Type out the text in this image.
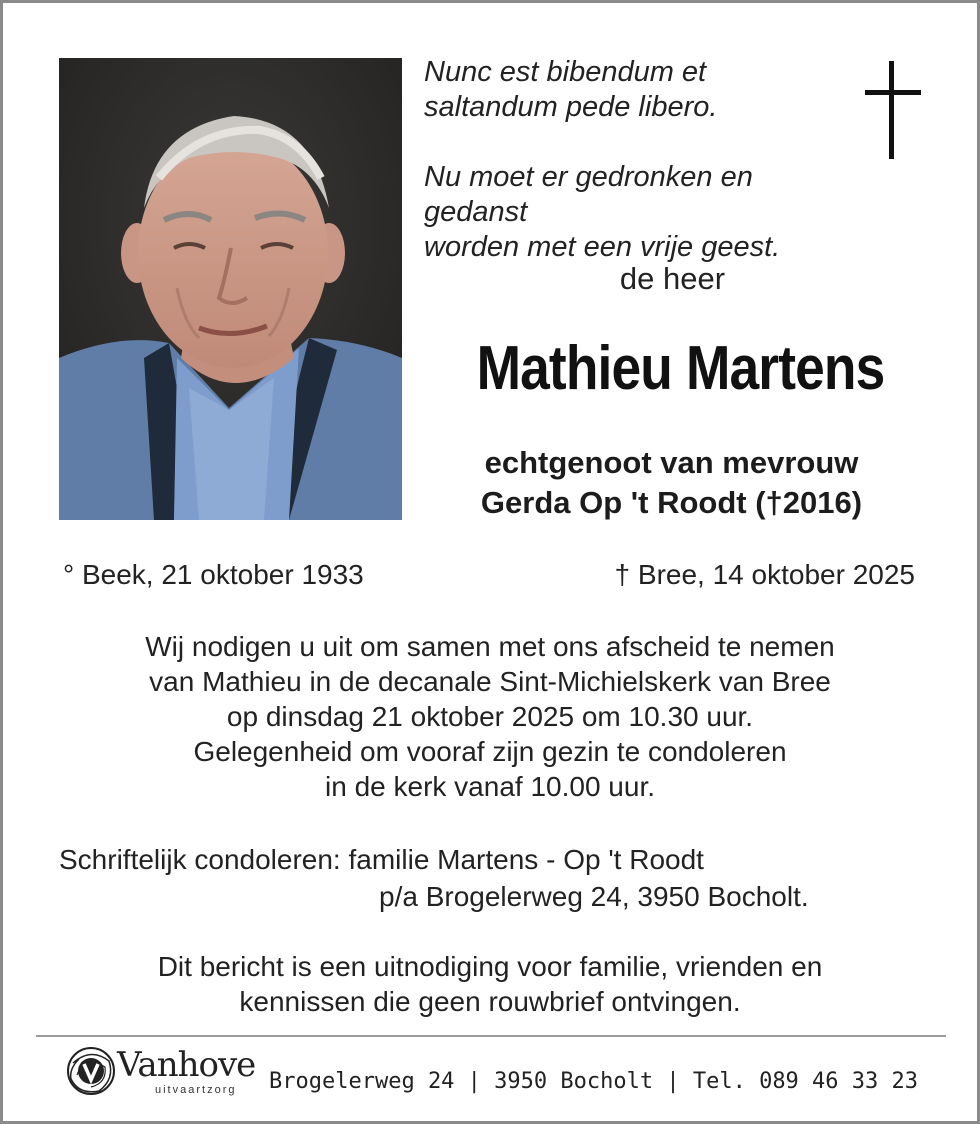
Nunc est bibendum et
saltandum pede libero.

Nu moet er gedronken en gedanst
worden met een vrije geest.

de heer
Mathieu Martens
echtgenoot van mevrouw
Gerda Op 't Roodt (†2016)
° Beek, 21 oktober 1933	† Bree, 14 oktober 2025
Wij nodigen u uit om samen met ons afscheid te nemen
van Mathieu in de decanale Sint-Michielskerk van Bree
op dinsdag 21 oktober 2025 om 10.30 uur.
Gelegenheid om vooraf zijn gezin te condoleren
in de kerk vanaf 10.00 uur.
Schriftelijk condoleren: familie Martens - Op 't Roodt
p/a Brogelerweg 24, 3950 Bocholt.
Dit bericht is een uitnodiging voor familie, vrienden en
kennissen die geen rouwbrief ontvingen.
Vanhove
uitvaartzorg Brogelerweg 24 | 3950 Bocholt | Tel. 089 46 33 23
